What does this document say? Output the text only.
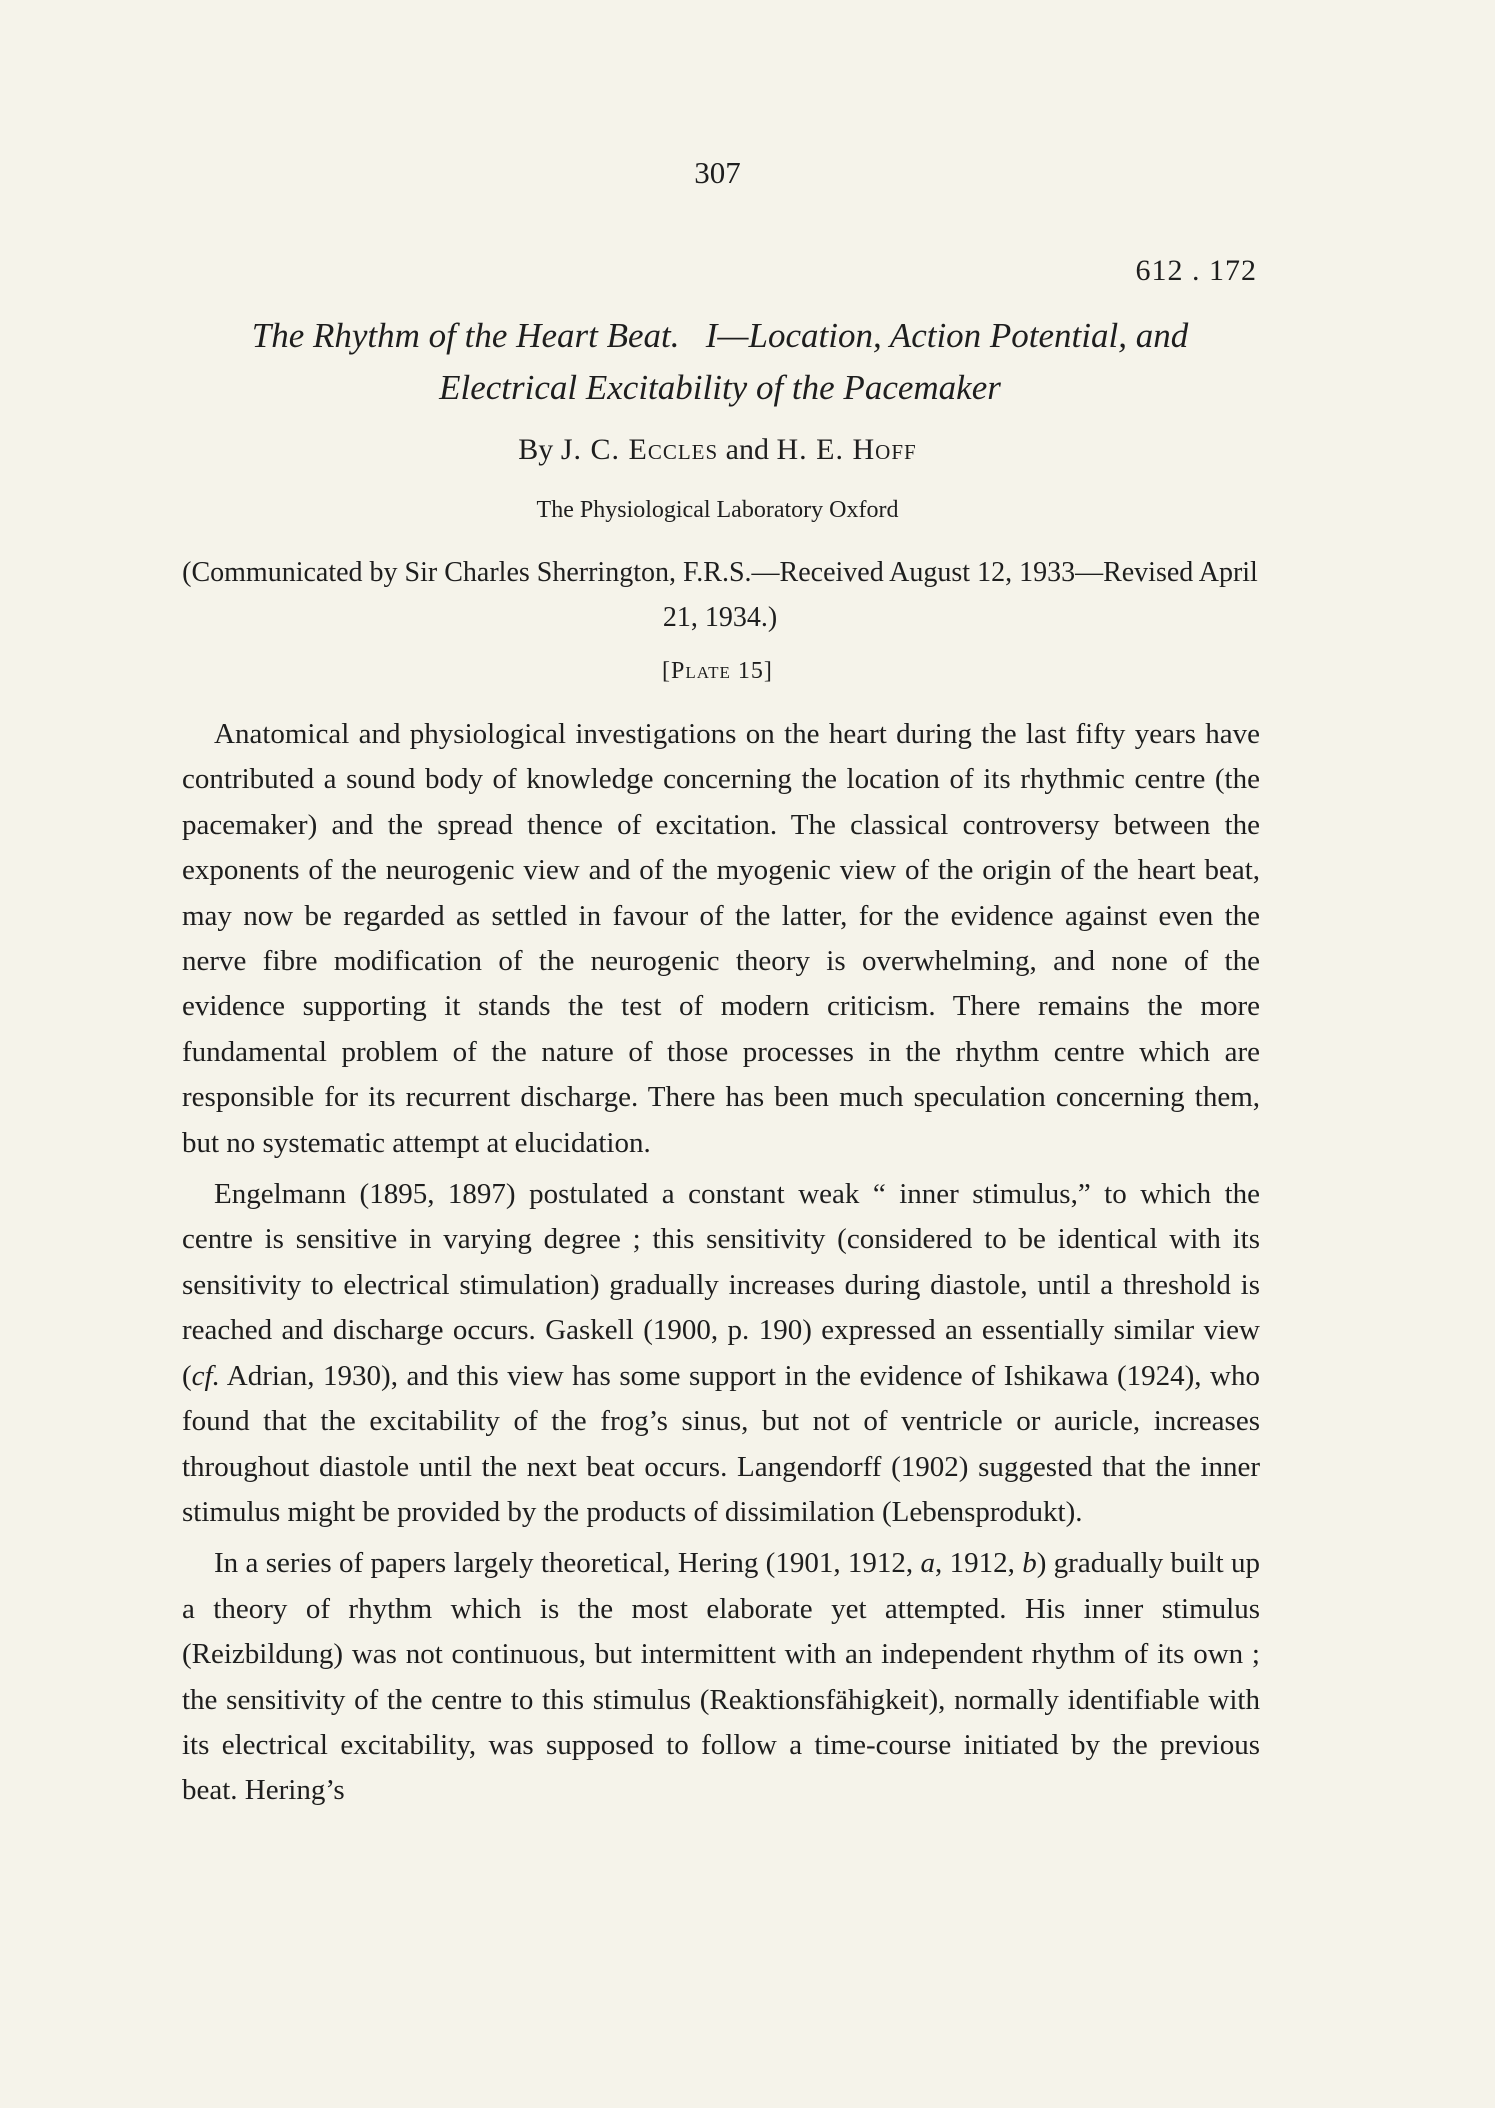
307
612 . 172
The Rhythm of the Heart Beat. I—Location, Action Potential, and Electrical Excitability of the Pacemaker
By J. C. Eccles and H. E. Hoff
The Physiological Laboratory Oxford
(Communicated by Sir Charles Sherrington, F.R.S.—Received August 12, 1933—Revised April 21, 1934.)
[Plate 15]

Anatomical and physiological investigations on the heart during the last fifty years have contributed a sound body of knowledge concerning the location of its rhythmic centre (the pacemaker) and the spread thence of excitation. The classical controversy between the exponents of the neurogenic view and of the myogenic view of the origin of the heart beat, may now be regarded as settled in favour of the latter, for the evidence against even the nerve fibre modification of the neurogenic theory is overwhelming, and none of the evidence supporting it stands the test of modern criticism. There remains the more fundamental problem of the nature of those processes in the rhythm centre which are responsible for its recurrent discharge. There has been much speculation concerning them, but no systematic attempt at elucidation.

Engelmann (1895, 1897) postulated a constant weak “ inner stimulus,” to which the centre is sensitive in varying degree ; this sensitivity (considered to be identical with its sensitivity to electrical stimulation) gradually increases during diastole, until a threshold is reached and discharge occurs. Gaskell (1900, p. 190) expressed an essentially similar view (cf. Adrian, 1930), and this view has some support in the evidence of Ishikawa (1924), who found that the excitability of the frog’s sinus, but not of ventricle or auricle, increases throughout diastole until the next beat occurs. Langendorff (1902) suggested that the inner stimulus might be provided by the products of dissimilation (Lebensprodukt).

In a series of papers largely theoretical, Hering (1901, 1912, a, 1912, b) gradually built up a theory of rhythm which is the most elaborate yet attempted. His inner stimulus (Reizbildung) was not continuous, but intermittent with an independent rhythm of its own ; the sensitivity of the centre to this stimulus (Reaktionsfähigkeit), normally identifiable with its electrical excitability, was supposed to follow a time-course initiated by the previous beat. Hering’s
